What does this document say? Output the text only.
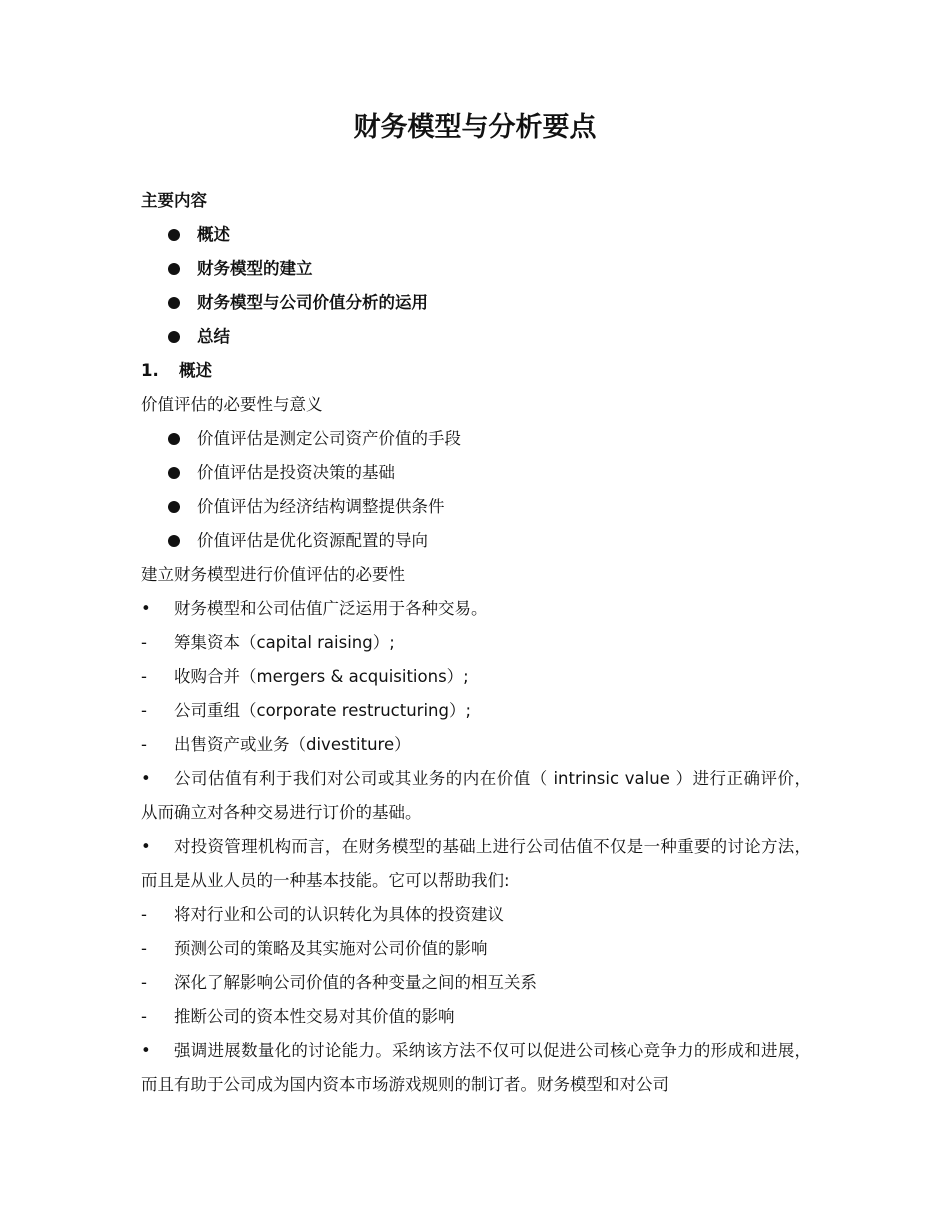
财务模型与分析要点
主要内容
概述
财务模型的建立
财务模型与公司价值分析的运用
总结
1. 概述
价值评估的必要性与意义
价值评估是测定公司资产价值的手段
价值评估是投资决策的基础
价值评估为经济结构调整提供条件
价值评估是优化资源配置的导向
建立财务模型进行价值评估的必要性
• 财务模型和公司估值广泛运用于各种交易。
- 筹集资本（capital raising）;
- 收购合并（mergers & acquisitions）;
- 公司重组（corporate restructuring）;
- 出售资产或业务（divestiture）
• 公司估值有利于我们对公司或其业务的内在价值（ intrinsic value ）进行正确评价，从而确立对各种交易进行订价的基础。
• 对投资管理机构而言，在财务模型的基础上进行公司估值不仅是一种重要的讨论方法，而且是从业人员的一种基本技能。它可以帮助我们:
- 将对行业和公司的认识转化为具体的投资建议
- 预测公司的策略及其实施对公司价值的影响
- 深化了解影响公司价值的各种变量之间的相互关系
- 推断公司的资本性交易对其价值的影响
• 强调进展数量化的讨论能力。采纳该方法不仅可以促进公司核心竞争力的形成和进展，而且有助于公司成为国内资本市场游戏规则的制订者。财务模型和对公司
